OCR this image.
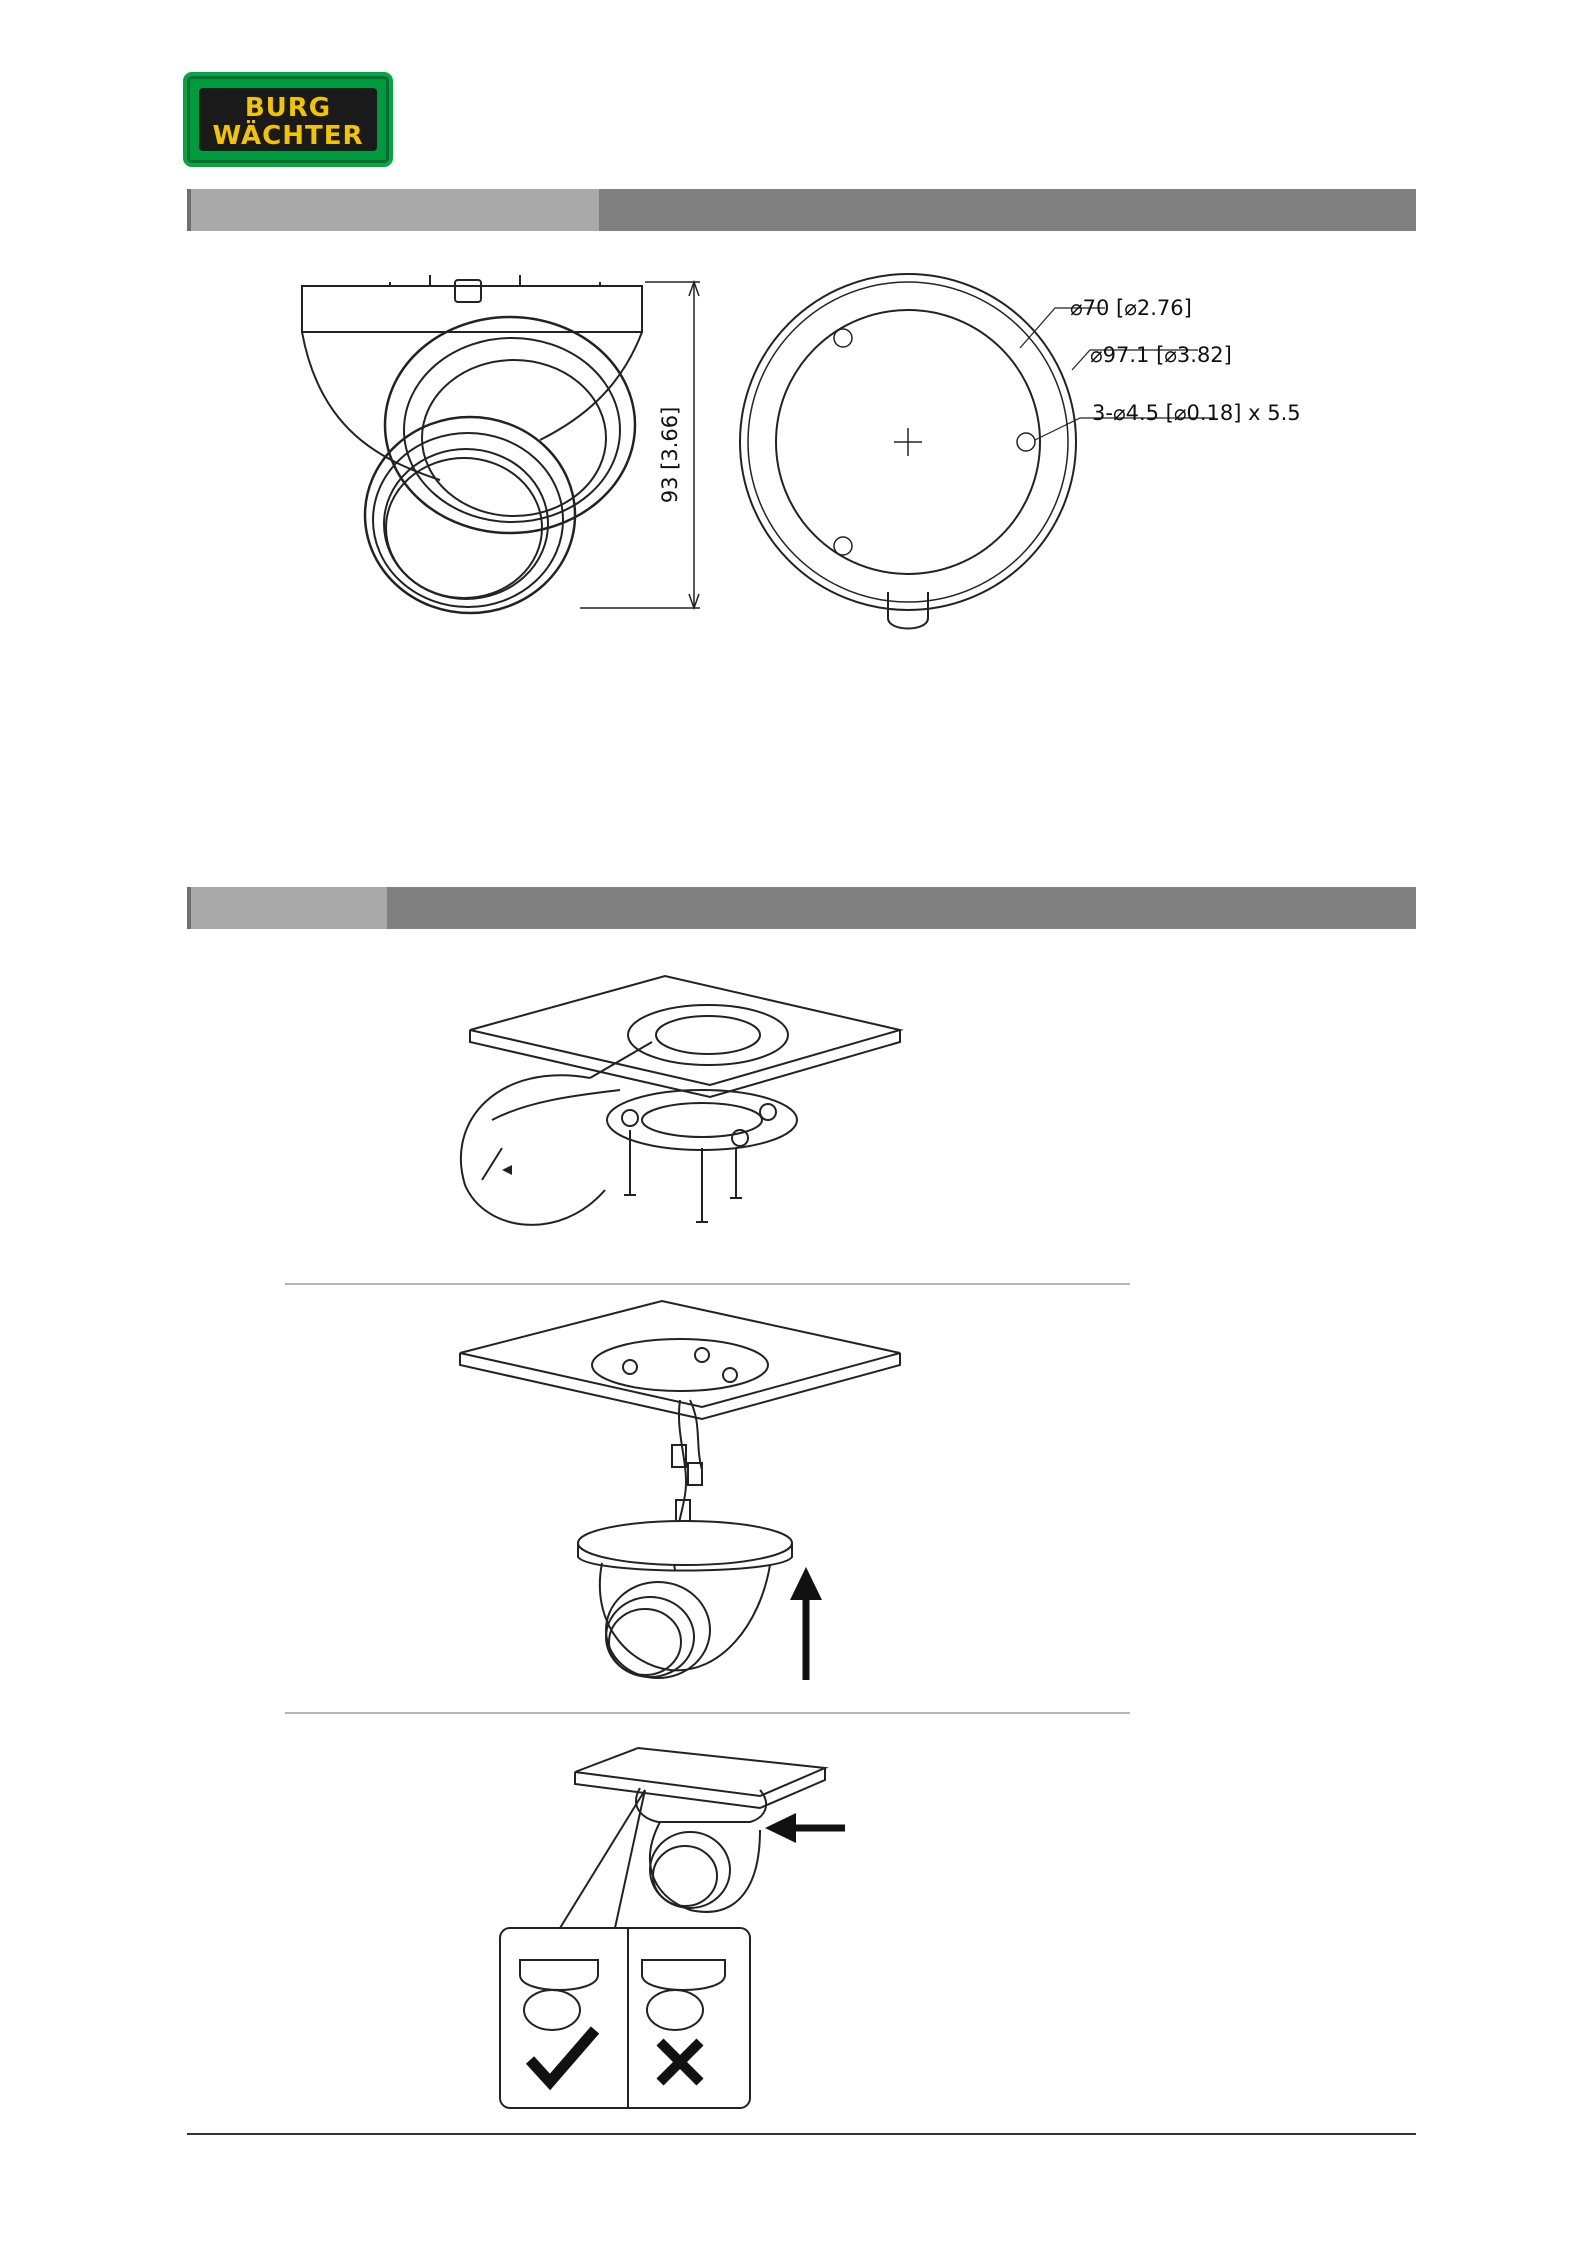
BURG
WÄCHTER
93 [3.66]
⌀70 [⌀2.76]
⌀97.1 [⌀3.82]
3-⌀4.5 [⌀0.18] x 5.5
